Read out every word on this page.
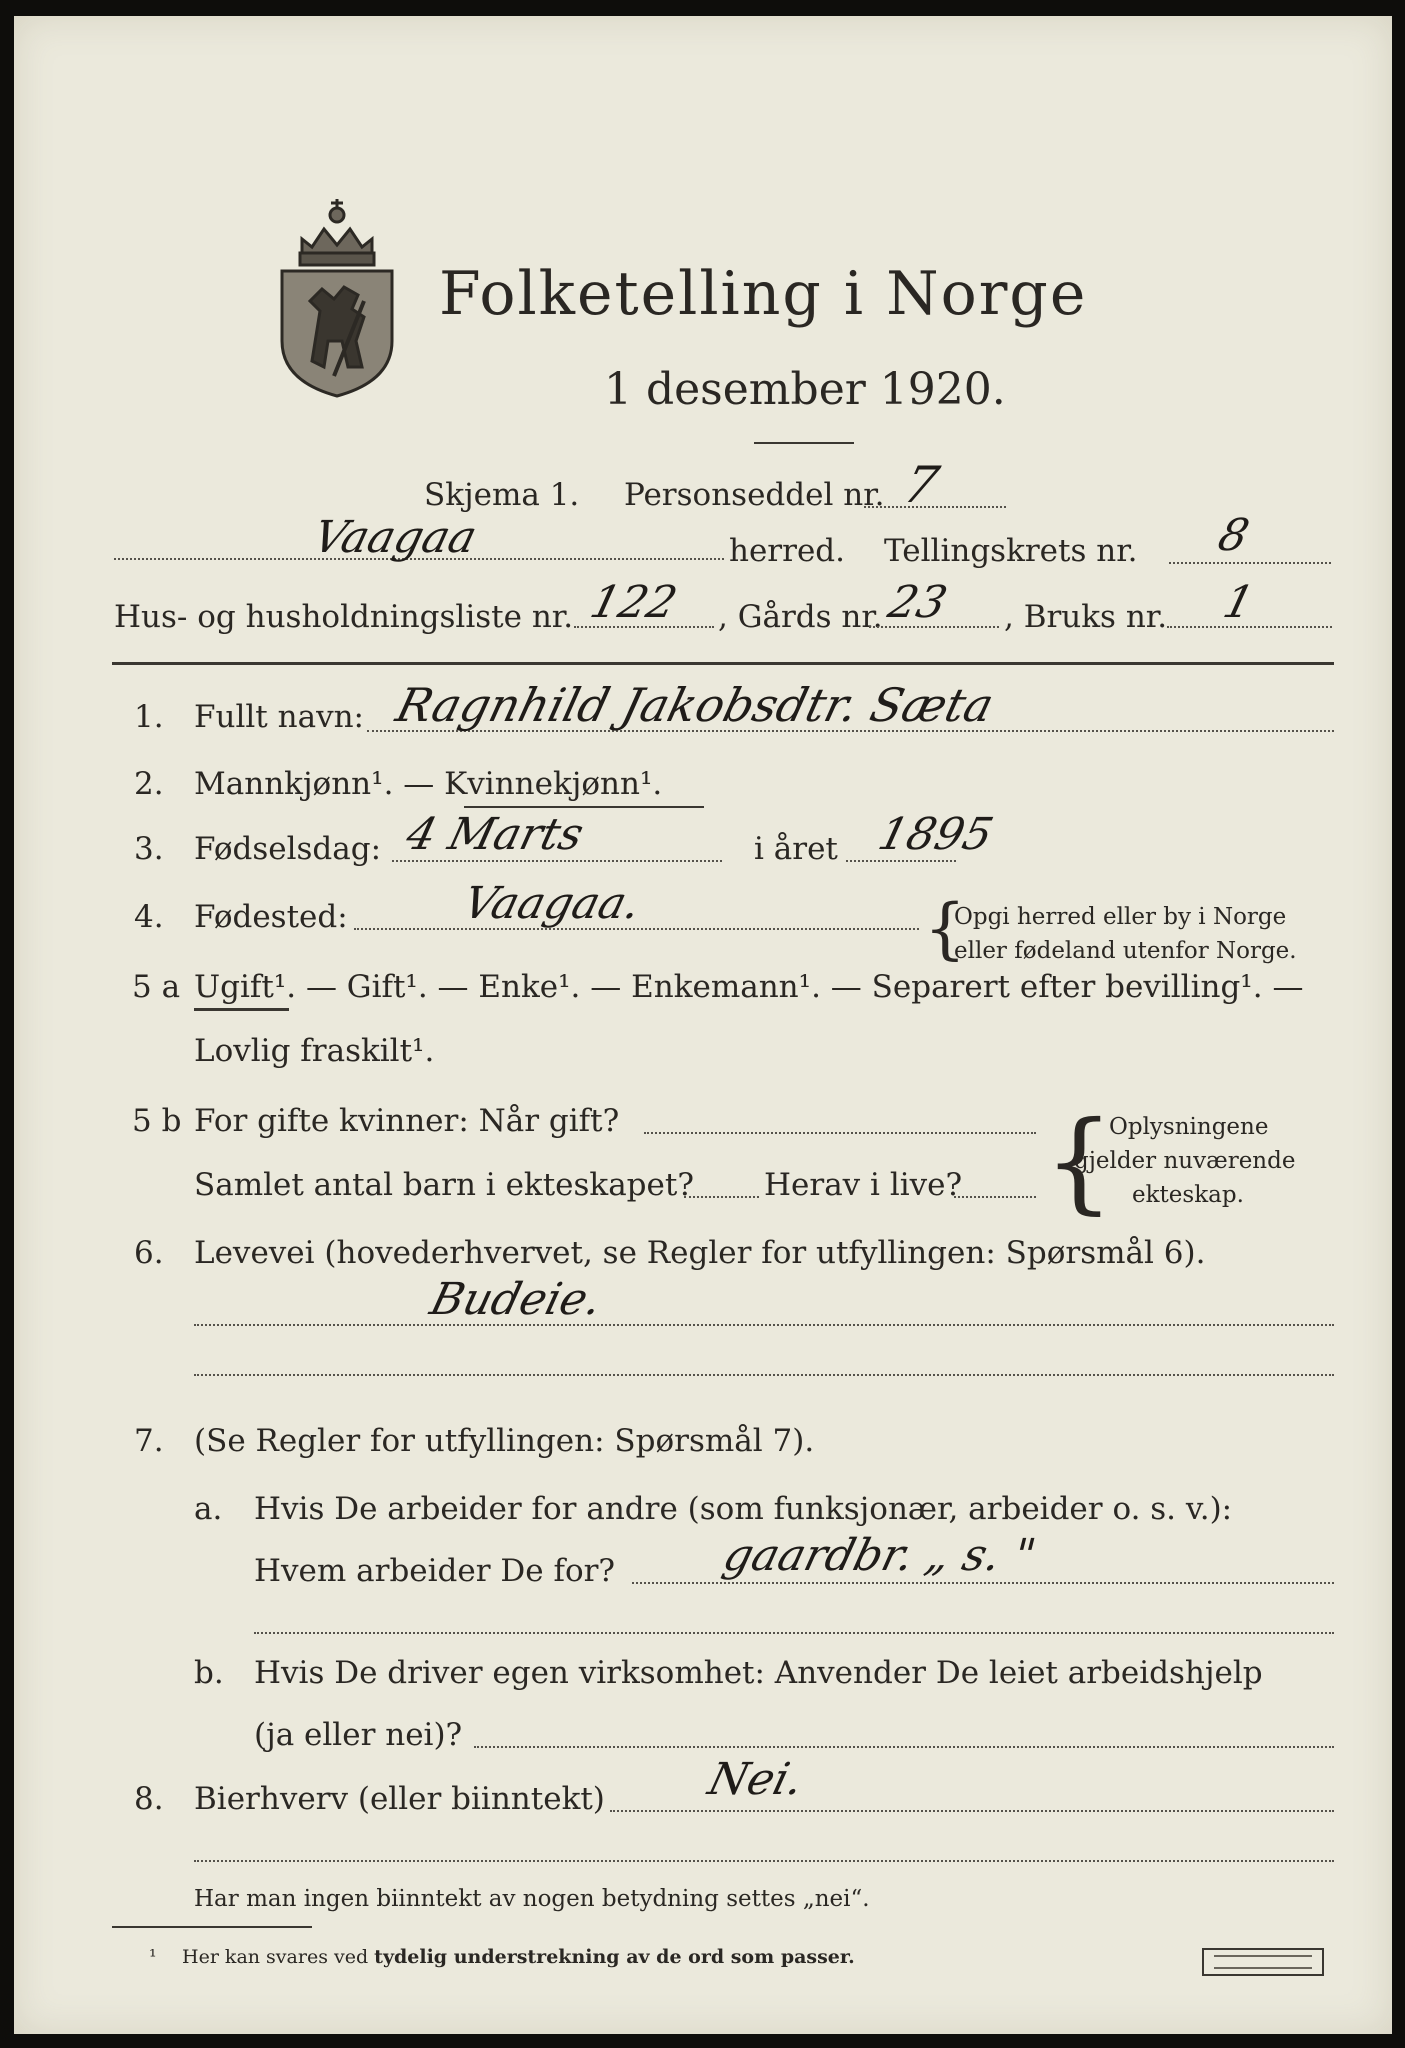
Folketelling i Norge
1 desember 1920.
Skjema 1. Personseddel nr. 7
Vaagaa	herred. Tellingskrets nr. 8
Hus- og husholdningsliste nr. 122 , Gårds nr. 23 , Bruks nr. 1
1. Fullt navn: Ragnhild Jakobsdtr. Sæta
2. Mannkjønn¹. — Kvinnekjønn¹.
3. Fødselsdag: 4 Marts	i året 1895
4. Fødested:	Vaagaa.	{
Opgi herred eller by i Norge
eller fødeland utenfor Norge.
5 a Ugift¹. — Gift¹. — Enke¹. — Enkemann¹. — Separert efter bevilling¹. —
Lovlig fraskilt¹.
5 b For gifte kvinner: Når gift?
Samlet antal barn i ekteskapet? Herav i live? {
Oplysningene
gjelder nuværende
ekteskap.
6. Levevei (hovederhvervet, se Regler for utfyllingen: Spørsmål 6).
Budeie.
7. (Se Regler for utfyllingen: Spørsmål 7).
a. Hvis De arbeider for andre (som funksjonær, arbeider o. s. v.):
Hvem arbeider De for? gaardbr. „ s. "
b. Hvis De driver egen virksomhet: Anvender De leiet arbeidshjelp
(ja eller nei)?
8. Bierhverv (eller biinntekt) Nei.
Har man ingen biinntekt av nogen betydning settes „nei“.
¹ Her kan svares ved tydelig understrekning av de ord som passer.
